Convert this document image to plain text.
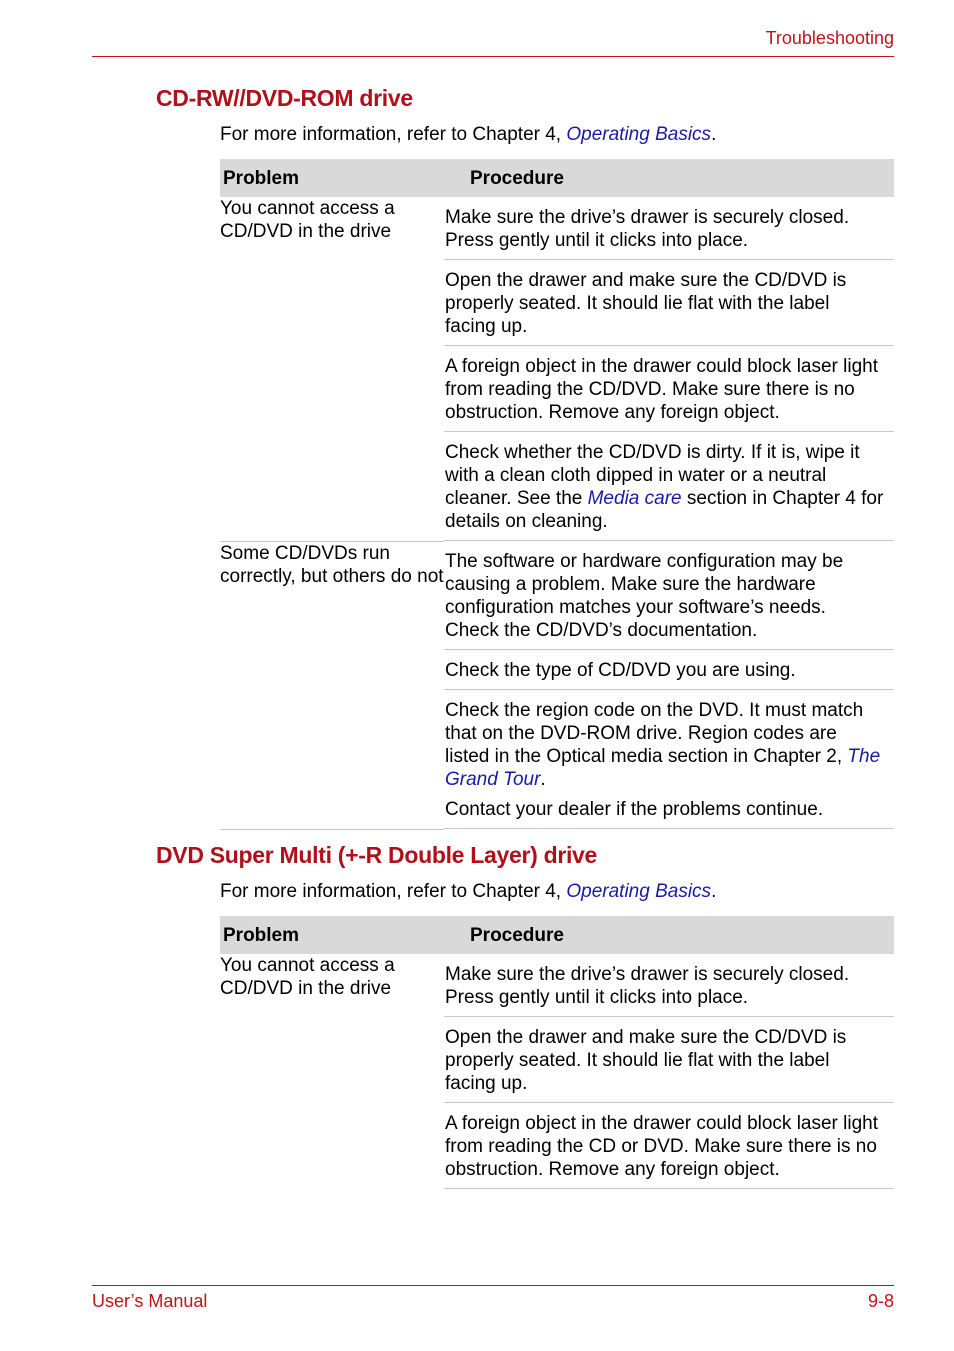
Troubleshooting
CD-RW//DVD-ROM drive
For more information, refer to Chapter 4, Operating Basics.
Problem	Procedure
You cannot access a CD/DVD in the drive	Make sure the drive’s drawer is securely closed. Press gently until it clicks into place.
Open the drawer and make sure the CD/DVD is properly seated. It should lie flat with the label facing up.
A foreign object in the drawer could block laser light from reading the CD/DVD. Make sure there is no obstruction. Remove any foreign object.
Check whether the CD/DVD is dirty. If it is, wipe it with a clean cloth dipped in water or a neutral cleaner. See the Media care section in Chapter 4 for details on cleaning.

Some CD/DVDs run correctly, but others do not	The software or hardware configuration may be causing a problem. Make sure the hardware configuration matches your software’s needs. Check the CD/DVD’s documentation.
Check the type of CD/DVD you are using.
Check the region code on the DVD. It must match that on the DVD-ROM drive. Region codes are listed in the Optical media section in Chapter 2, The Grand Tour.
Contact your dealer if the problems continue.
DVD Super Multi (+-R Double Layer) drive
For more information, refer to Chapter 4, Operating Basics.
Problem	Procedure
You cannot access a CD/DVD in the drive	Make sure the drive’s drawer is securely closed. Press gently until it clicks into place.
Open the drawer and make sure the CD/DVD is properly seated. It should lie flat with the label facing up.
A foreign object in the drawer could block laser light from reading the CD or DVD. Make sure there is no obstruction. Remove any foreign object.
User’s Manual	9-8
